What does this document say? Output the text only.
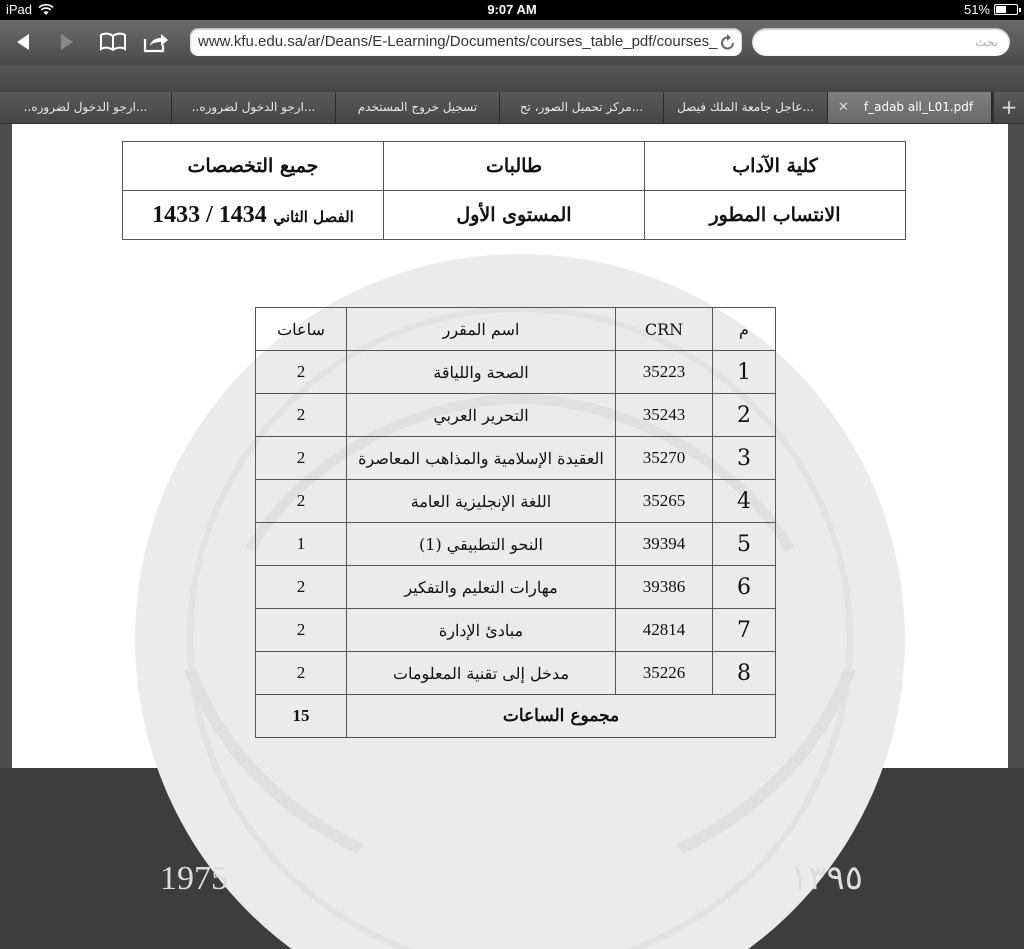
iPad	9:07 AM	51%
www.kfu.edu.sa/ar/Deans/E-Learning/Documents/courses_table_pdf/courses_	بحث
..ارجو الدخول لضروره...	..ارجو الدخول لضروره...	تسجيل خروج المستخدم	مركز تحميل الصور، تح...	عاجل جامعة الملك فيصل...	✕ f_adab all_L01.pdf	+
1975	١٣٩٥
كلية الآداب	طالبات	جميع التخصصات
الانتساب المطور	المستوى الأول	الفصل الثاني 1433 / 1434
م	CRN	اسم المقرر	ساعات
1	35223	الصحة واللياقة	2
2	35243	التحرير العربي	2
3	35270	العقيدة الإسلامية والمذاهب المعاصرة	2
4	35265	اللغة الإنجليزية العامة	2
5	39394	النحو التطبيقي (1)	1
6	39386	مهارات التعليم والتفكير	2
7	42814	مبادئ الإدارة	2
8	35226	مدخل إلى تقنية المعلومات	2
مجموع الساعات			15
